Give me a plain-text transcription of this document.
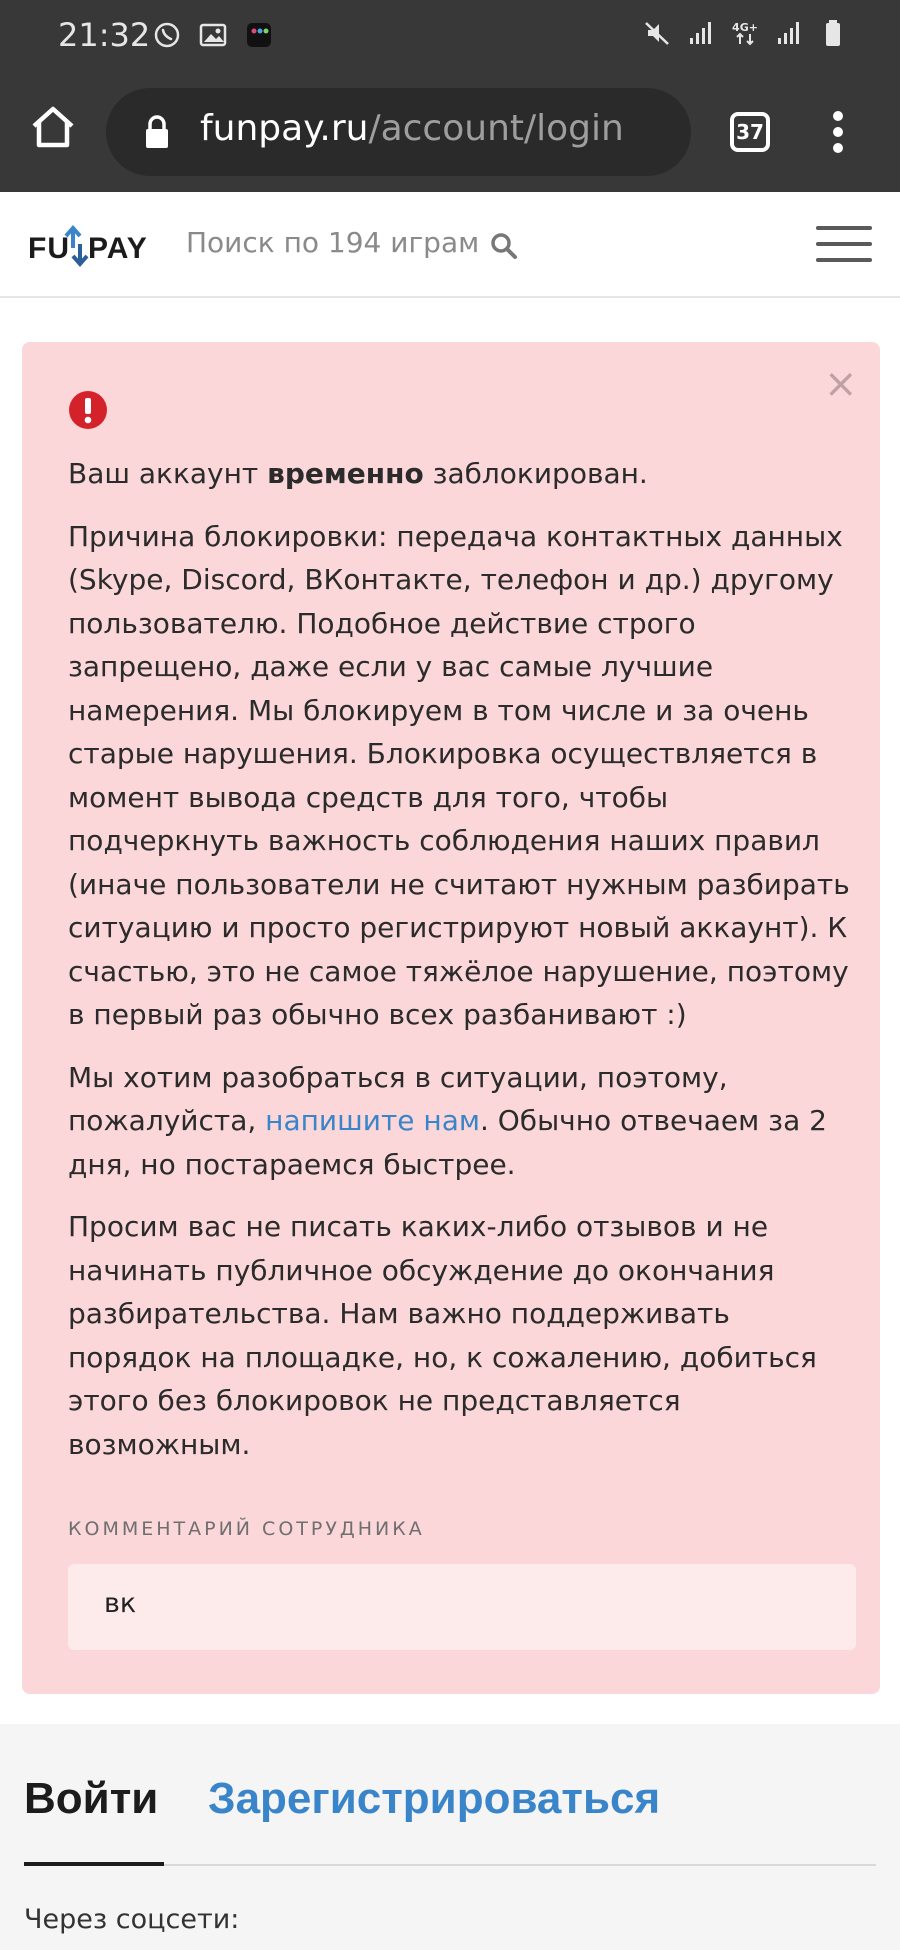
21:32	4G+
funpay.ru/account/login	37
FU PAY Поиск по 194 играм
×

Ваш аккаунт временно заблокирован.

Причина блокировки: передача контактных данных (Skype, Discord, ВКонтакте, телефон и др.) другому пользователю. Подобное действие строго запрещено, даже если у вас самые лучшие намерения. Мы блокируем в том числе и за очень старые нарушения. Блокировка осуществляется в момент вывода средств для того, чтобы подчеркнуть важность соблюдения наших правил (иначе пользователи не считают нужным разбирать ситуацию и просто регистрируют новый аккаунт). К счастью, это не самое тяжёлое нарушение, поэтому в первый раз обычно всех разбанивают :)

Мы хотим разобраться в ситуации, поэтому, пожалуйста, напишите нам. Обычно отвечаем за 2 дня, но постараемся быстрее.

Просим вас не писать каких-либо отзывов и не начинать публичное обсуждение до окончания разбирательства. Нам важно поддерживать порядок на площадке, но, к сожалению, добиться этого без блокировок не представляется возможным.

КОММЕНТАРИЙ СОТРУДНИКА
вк
Войти Зарегистрироваться
Через соцсети:
